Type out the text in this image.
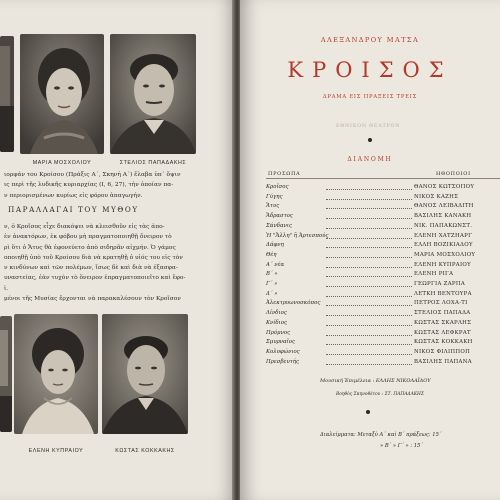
ΜΑΡΙΑ ΜΟΣΧΟΛΙΟΥ	ΣΤΕΛΙΟΣ ΠΑΠΑΔΑΚΗΣ
ιορφάν του Κροίσου (Πράξις Α΄, Σκηνή Α΄) ἔλαβα ὑπ᾽ ὄψιν
ις περὶ τῆς λυδικῆς κυριαρχίας (Ι, 6, 27), τὴν ὁποίαν πα-
ν περιορισμένων κυρίως εἰς φόρου ἀπαγωγήν.
ΠΑΡΑΛΛΑΓΑΙ ΤΟΥ ΜΥΘΟΥ
ν, ὁ Κροῖσος εἶχε διακόψει νὰ κλεισθοῦν εἰς τὰς ἀπο-
ἐν ἀνακτόρων, ἐκ φόβου μὴ πραγματοποιηθῇ ὄνειρον τὸ
ρὶ ὅτι ὁ Ἄτυς θὰ ἐφονεύετο ἀπὸ σιδηρᾶν αἰχμήν. Ὁ γάμος
οποιηθῇ ὑπὸ τοῦ Κροίσου διὰ νὰ κρατηθῇ ὁ υἱός του εἰς τὸν
ν κινδύνων καὶ τῶν πολέμων, ἴσως δὲ καὶ διὰ νὰ ἐξασφα-
υναστείας, ἐὰν τυχὸν τὸ ὄνειρον ἐπραγματοποιεῖτο καὶ ἔφο-
ἰ.
μένοι τῆς Μυσίας ἔρχονται νὰ παρακαλέσουν τὸν Κροῖσον
ΕΛΕΝΗ ΚΥΠΡΑΙΟΥ	ΚΩΣΤΑΣ ΚΟΚΚΑΚΗΣ
ΑΛΕΞΑΝΔΡΟΥ ΜΑΤΣΑ
ΚΡΟΙΣΟΣ
ΔΡΑΜΑ ΕΙΣ ΠΡΑΞΕΙΣ ΤΡΕΙΣ
ΕΘΝΙΚΟΝ ΘΕΑΤΡΟΝ
ΔΙΑΝΟΜΗ
ΠΡΟΣΩΠΑ	ΗΘΟΠΟΙΟΙ
Κροῖσος	ΘΑΝΟΣ ΚΩΤΣΟΠΟΥ
Γύγης	ΝΙΚΟΣ ΚΑΖΗΣ
Ἄτυς	ΘΑΝΟΣ ΛΕΙΒΑΔΙΤΗ
Ἄδραστος	ΒΑΣΙΛΗΣ ΚΑΝΑΚΗ
Σάνδανις	ΝΙΚ. ΠΑΠΑΚΩΝΣΤ.
Ἡ "Ἄλλη" ἢ Ἀρτεσπούς	ΕΛΕΝΗ ΧΑΤΖΗΑΡΓ
Δάφνη	ΕΛΛΗ ΒΟΖΙΚΙΑΔΟΥ
Θέη	ΜΑΡΙΑ ΜΟΣΧΟΛΙΟΥ
Α΄ νέα	ΕΛΕΝΗ ΚΥΠΡΑΙΟΥ
Β΄ »	ΕΛΕΝΗ ΡΙΓΑ
Γ΄ »	ΓΕΩΡΓΙΑ ΖΑΡΠΑ
Δ΄ »	ΛΕΤΚΗ ΒΕΝΤΟΥΡΑ
Ἀλεκτρυωνοσκόπος	ΠΕΤΡΟΣ ΛΟΧΑ-ΤΙ
Λίνδιος	ΣΤΕΛΙΟΣ ΠΑΠΑΔΑ
Κνίδιος	ΚΩΣΤΑΣ ΣΚΑΡΛΗΣ
Πρόμνος	ΚΩΣΤΑΣ ΛΕΦΚΡΑΤ
Σμυρναῖος	ΚΩΣΤΑΣ ΚΟΚΚΑΚΗ
Κολοφώνιος	ΝΙΚΟΣ ΦΙΛΙΠΠΟΠ
Πρεσβευτής	ΒΑΣΙΛΗΣ ΠΑΠΑΝΑ
Μουσική Ἐπιμέλεια : ΕΛΛΗΣ ΝΙΚΟΛΑΪΔΟΥ
Βοηθὸς Σκηνοθέτου : ΣΤ. ΠΑΠΑΔΑΚΗΣ
Διαλείμματα: Μεταξὺ Α΄ καὶ Β΄ πράξεως: 15΄
» Β΄ » Γ΄ » : 15΄
